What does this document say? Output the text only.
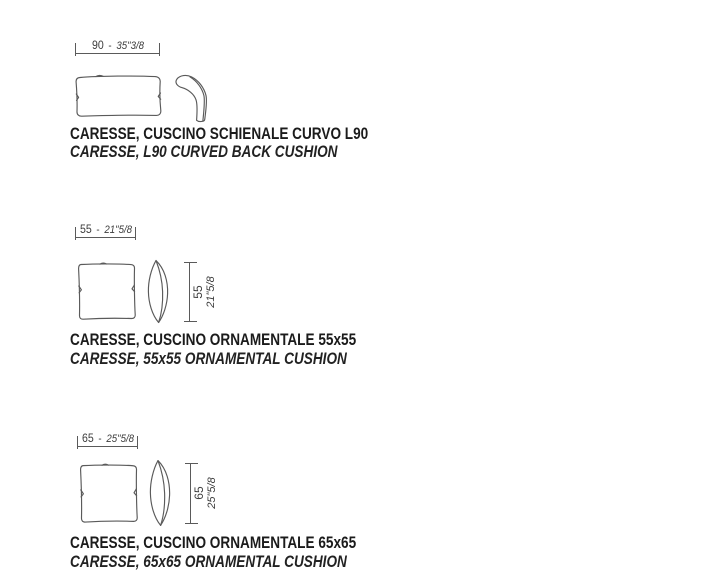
90 - 35"3/8
CARESSE, CUSCINO SCHIENALE CURVO L90
CARESSE, L90 CURVED BACK CUSHION
55 - 21"5/8
55 21"5/8
CARESSE, CUSCINO ORNAMENTALE 55x55
CARESSE, 55x55 ORNAMENTAL CUSHION
65 - 25"5/8
65 25"5/8
CARESSE, CUSCINO ORNAMENTALE 65x65
CARESSE, 65x65 ORNAMENTAL CUSHION
